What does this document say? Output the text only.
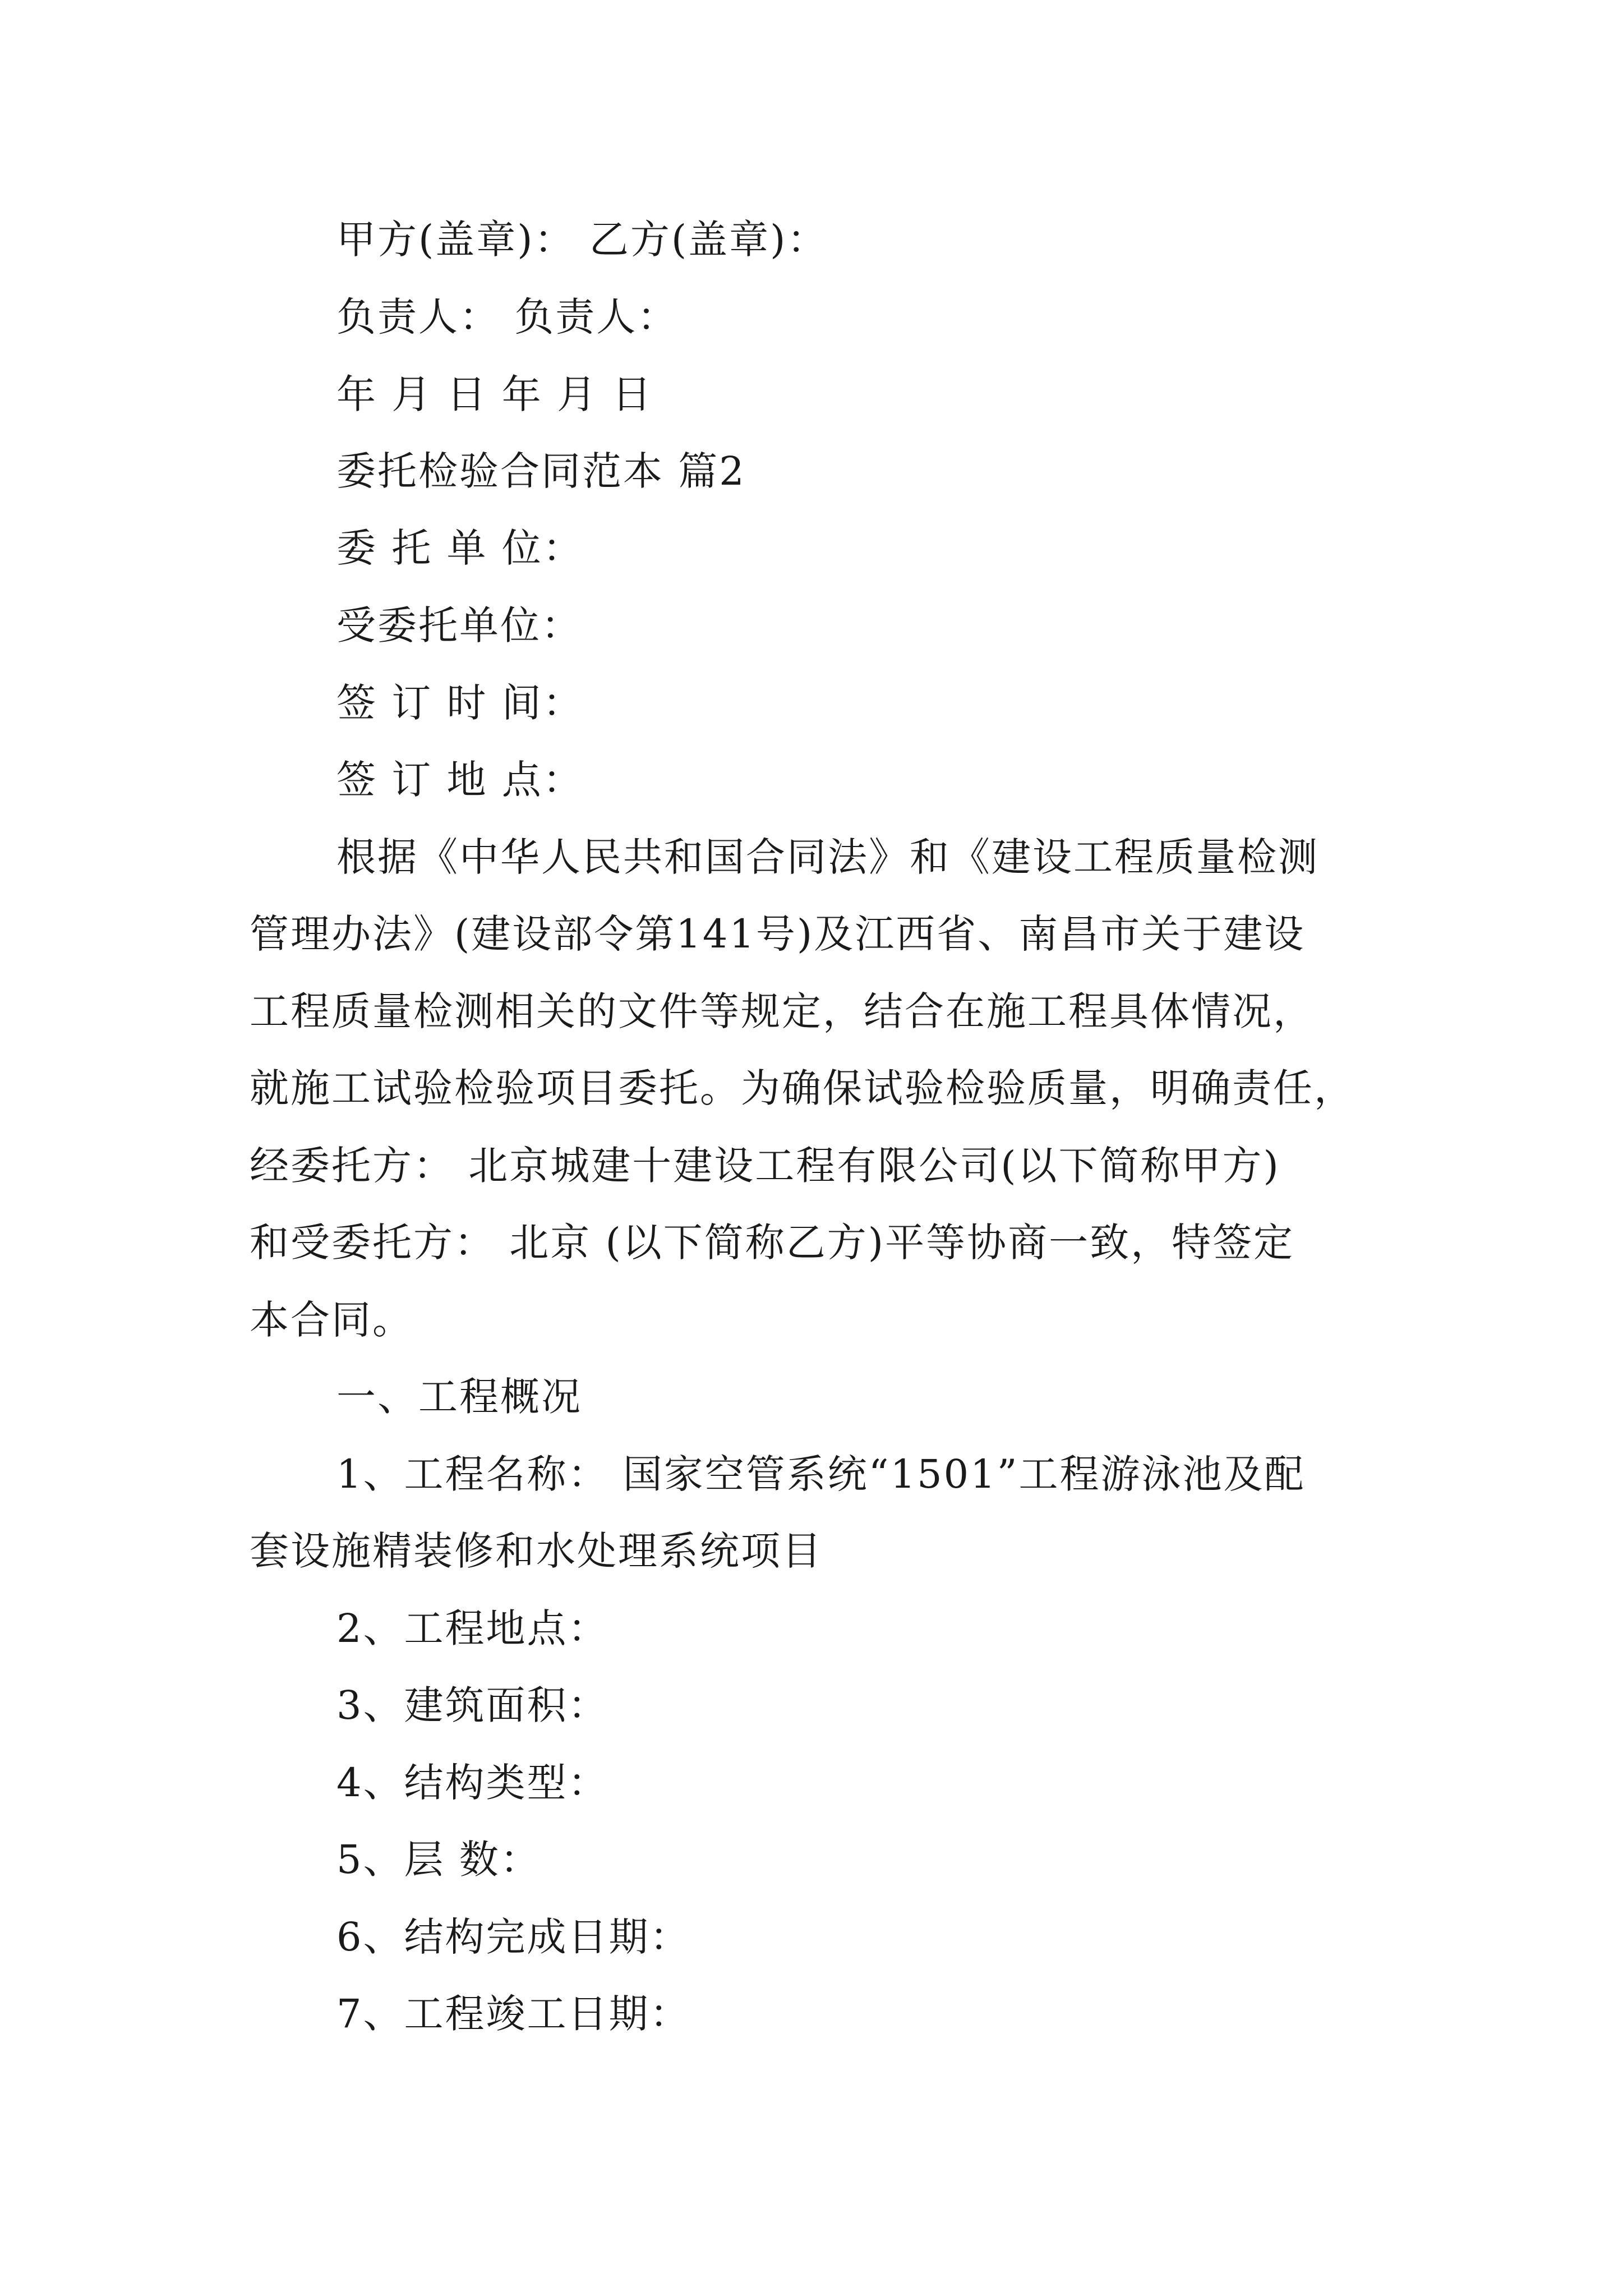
甲方(盖章)： 乙方(盖章)：
负责人： 负责人：
年 月 日 年 月 日
委托检验合同范本 篇2
委 托 单 位：
受委托单位：
签 订 时 间：
签 订 地 点：
根据《中华人民共和国合同法》和《建设工程质量检测
管理办法》(建设部令第141号)及江西省、南昌市关于建设
工程质量检测相关的文件等规定，结合在施工程具体情况，
就施工试验检验项目委托。为确保试验检验质量，明确责任，
经委托方： 北京城建十建设工程有限公司(以下简称甲方)
和受委托方： 北京 (以下简称乙方)平等协商一致，特签定
本合同。
一、工程概况
1、工程名称： 国家空管系统“1501”工程游泳池及配
套设施精装修和水处理系统项目
2、工程地点：
3、建筑面积：
4、结构类型：
5、层 数：
6、结构完成日期：
7、工程竣工日期：
